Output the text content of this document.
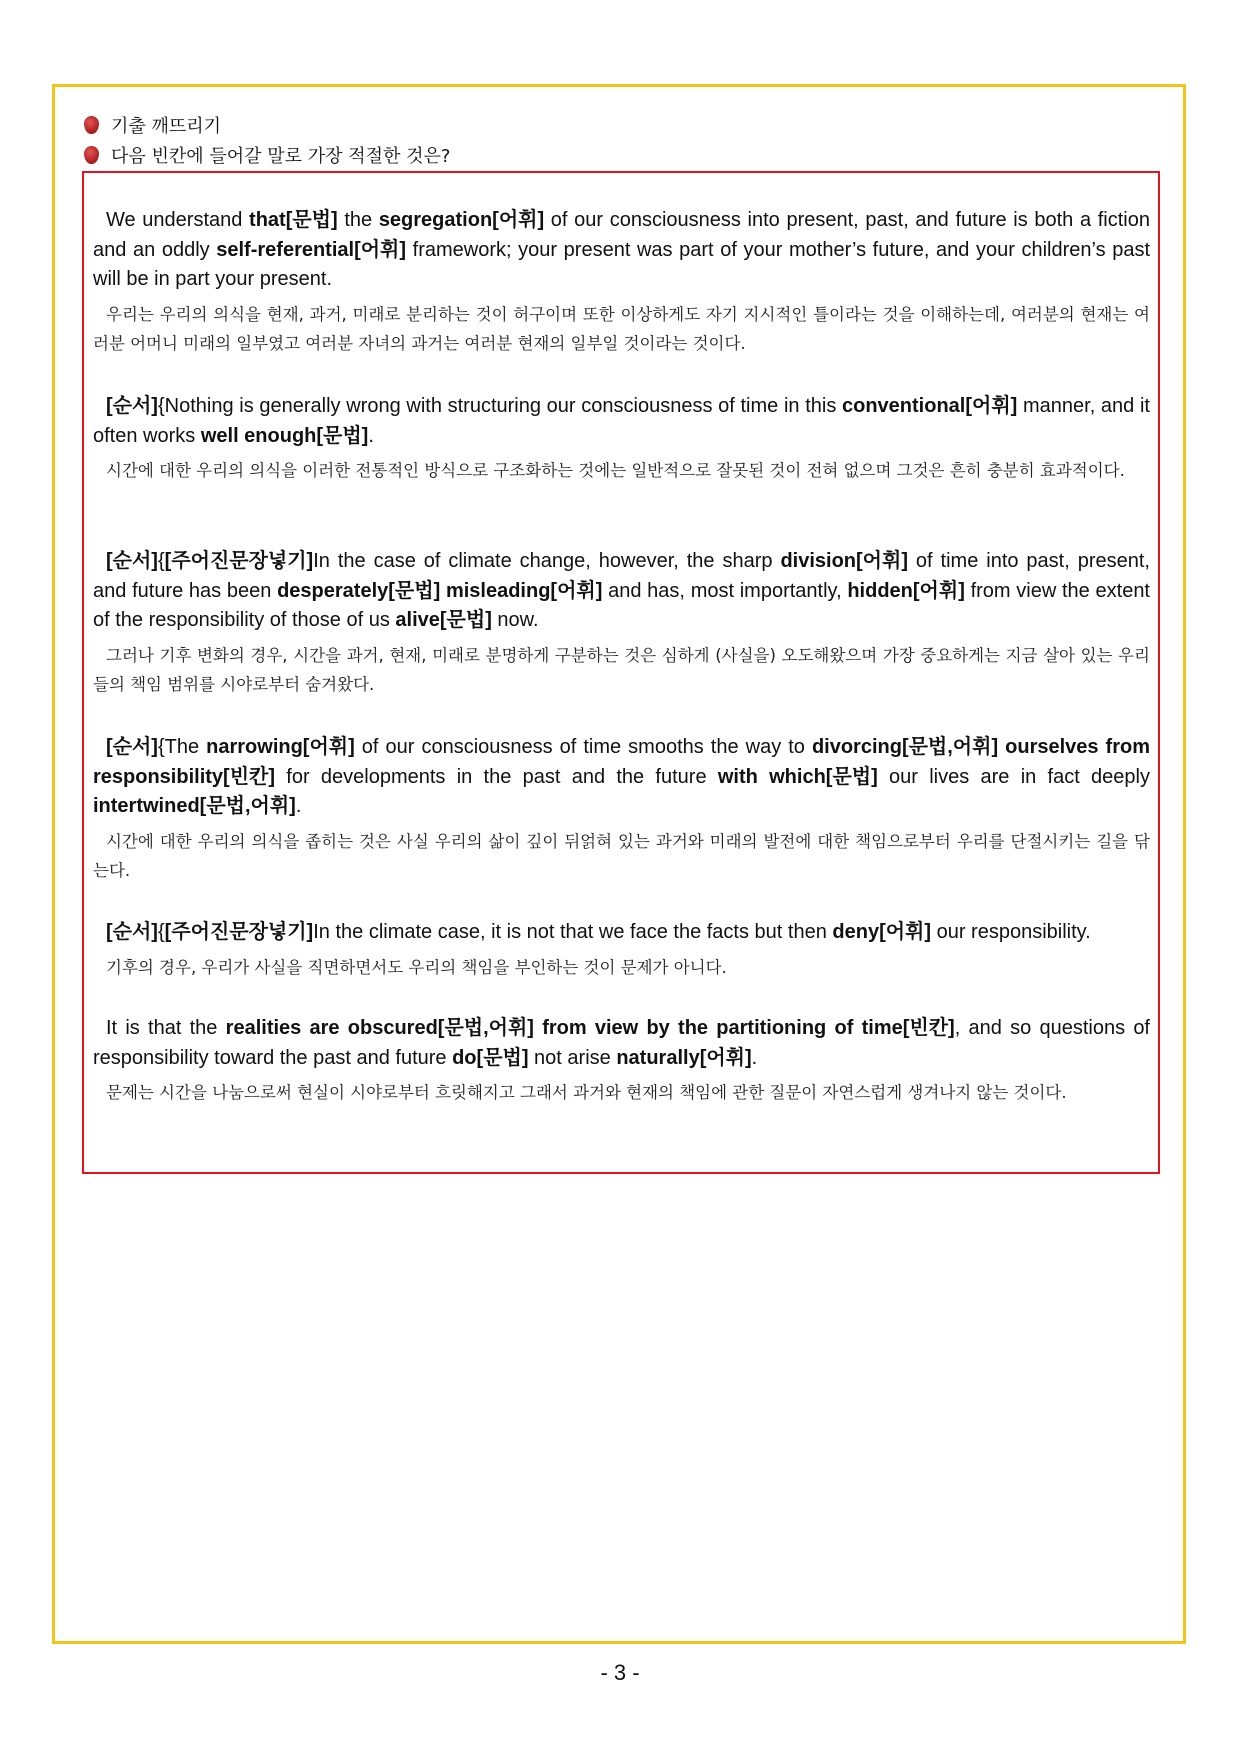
기출 깨뜨리기
다음 빈칸에 들어갈 말로 가장 적절한 것은?

We understand that[문법] the segregation[어휘] of our consciousness into present, past, and future is both a fiction and an oddly self-referential[어휘] framework; your present was part of your mother’s future, and your children’s past will be in part your present.

우리는 우리의 의식을 현재, 과거, 미래로 분리하는 것이 허구이며 또한 이상하게도 자기 지시적인 틀이라는 것을 이해하는데, 여러분의 현재는 여러분 어머니 미래의 일부였고 여러분 자녀의 과거는 여러분 현재의 일부일 것이라는 것이다.

[순서]{Nothing is generally wrong with structuring our consciousness of time in this conventional[어휘] manner, and it often works well enough[문법].

시간에 대한 우리의 의식을 이러한 전통적인 방식으로 구조화하는 것에는 일반적으로 잘못된 것이 전혀 없으며 그것은 흔히 충분히 효과적이다.

[순서]{[주어진문장넣기]In the case of climate change, however, the sharp division[어휘] of time into past, present, and future has been desperately[문법] misleading[어휘] and has, most importantly, hidden[어휘] from view the extent of the responsibility of those of us alive[문법] now.

그러나 기후 변화의 경우, 시간을 과거, 현재, 미래로 분명하게 구분하는 것은 심하게 (사실을) 오도해왔으며 가장 중요하게는 지금 살아 있는 우리들의 책임 범위를 시야로부터 숨겨왔다.

[순서]{The narrowing[어휘] of our consciousness of time smooths the way to divorcing[문법,어휘] ourselves from responsibility[빈칸] for developments in the past and the future with which[문법] our lives are in fact deeply intertwined[문법,어휘].

시간에 대한 우리의 의식을 좁히는 것은 사실 우리의 삶이 깊이 뒤얽혀 있는 과거와 미래의 발전에 대한 책임으로부터 우리를 단절시키는 길을 닦는다.

[순서]{[주어진문장넣기]In the climate case, it is not that we face the facts but then deny[어휘] our responsibility.

기후의 경우, 우리가 사실을 직면하면서도 우리의 책임을 부인하는 것이 문제가 아니다.

It is that the realities are obscured[문법,어휘] from view by the partitioning of time[빈칸], and so questions of responsibility toward the past and future do[문법] not arise naturally[어휘].

문제는 시간을 나눔으로써 현실이 시야로부터 흐릿해지고 그래서 과거와 현재의 책임에 관한 질문이 자연스럽게 생겨나지 않는 것이다.

- 3 -
